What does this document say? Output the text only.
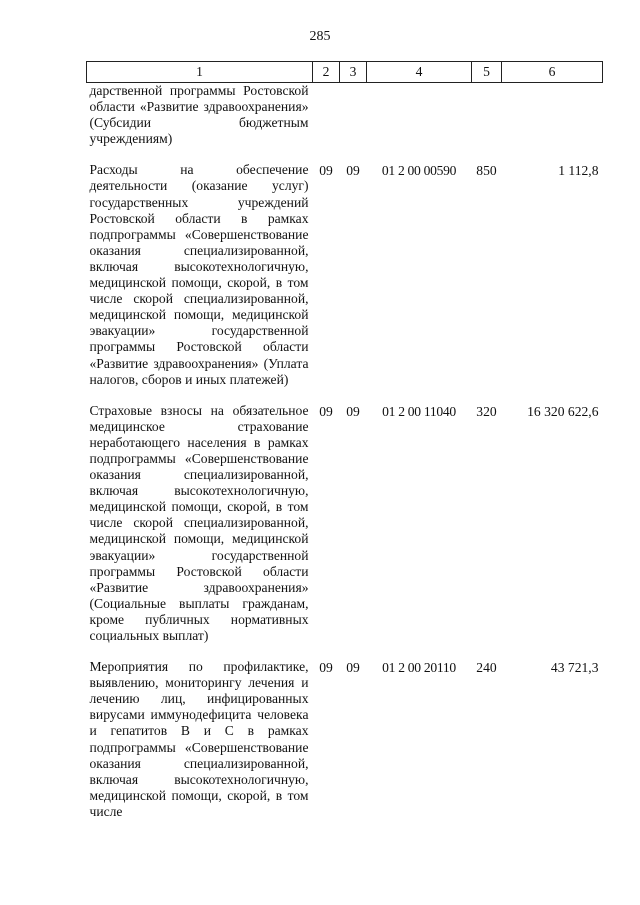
285
1	2	3	4	5	6
дарственной программы Ростовской области «Развитие здравоохранения» (Субсидии бюджетным учреждениям)					
Расходы на обеспечение деятельности (оказание услуг) государственных учреждений Ростовской области в рамках подпрограммы «Совершенствование оказания специализированной, включая высокотехнологичную, медицинской помощи, скорой, в том числе скорой специализированной, медицинской помощи, медицинской эвакуации» государственной программы Ростовской области «Развитие здравоохранения» (Уплата налогов, сборов и иных платежей)	09	09	01 2 00 00590	850	1 112,8
Страховые взносы на обязательное медицинское страхование неработающего населения в рамках подпрограммы «Совершенствование оказания специализированной, включая высокотехнологичную, медицинской помощи, скорой, в том числе скорой специализированной, медицинской помощи, медицинской эвакуации» государственной программы Ростовской области «Развитие здравоохранения» (Социальные выплаты гражданам, кроме публичных нормативных социальных выплат)	09	09	01 2 00 11040	320	16 320 622,6
Мероприятия по профилактике, выявлению, мониторингу лечения и лечению лиц, инфицированных вирусами иммунодефицита человека и гепатитов В и С в рамках подпрограммы «Совершенствование оказания специализированной, включая высокотехнологичную, медицинской помощи, скорой, в том числе	09	09	01 2 00 20110	240	43 721,3
